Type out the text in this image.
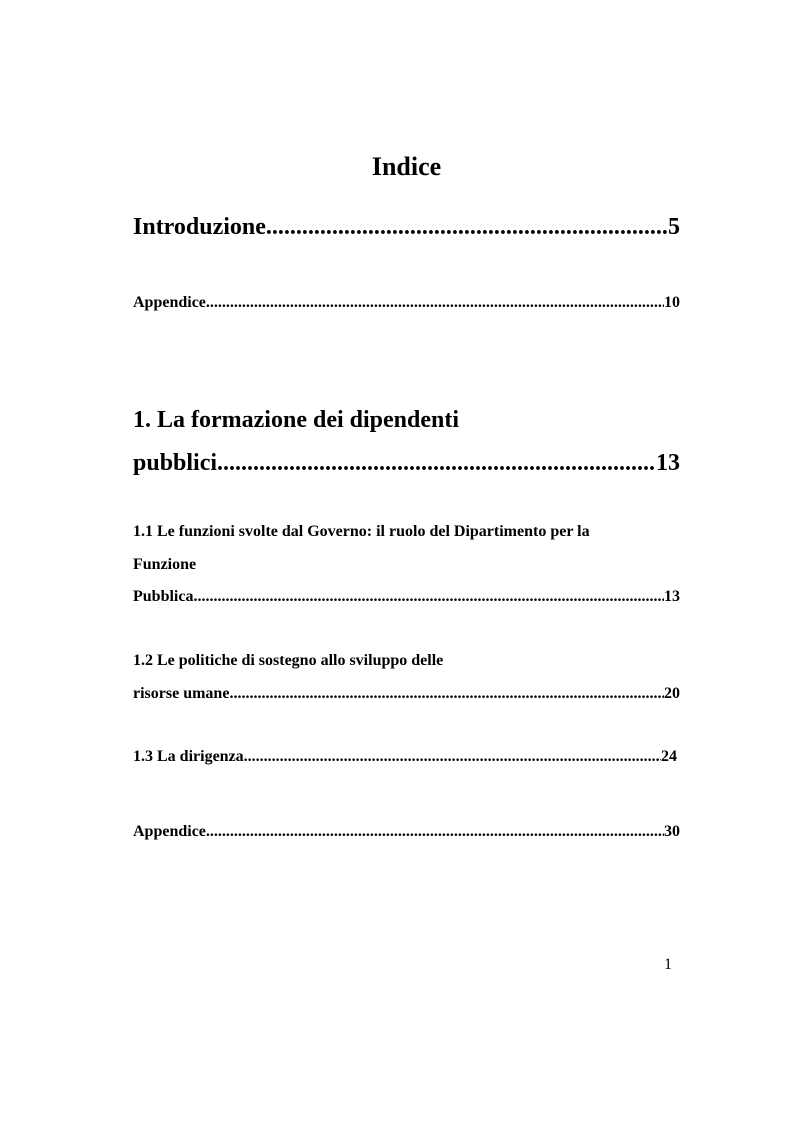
Indice
Introduzione .....	5
Appendice .....	10
1. La formazione dei dipendenti
pubblici .....	13
1.1 Le funzioni svolte dal Governo: il ruolo del Dipartimento per la
Funzione
Pubblica .....	13
1.2 Le politiche di sostegno allo sviluppo delle
risorse umane .....	20
1.3 La dirigenza .....	24
Appendice .....	30
1
